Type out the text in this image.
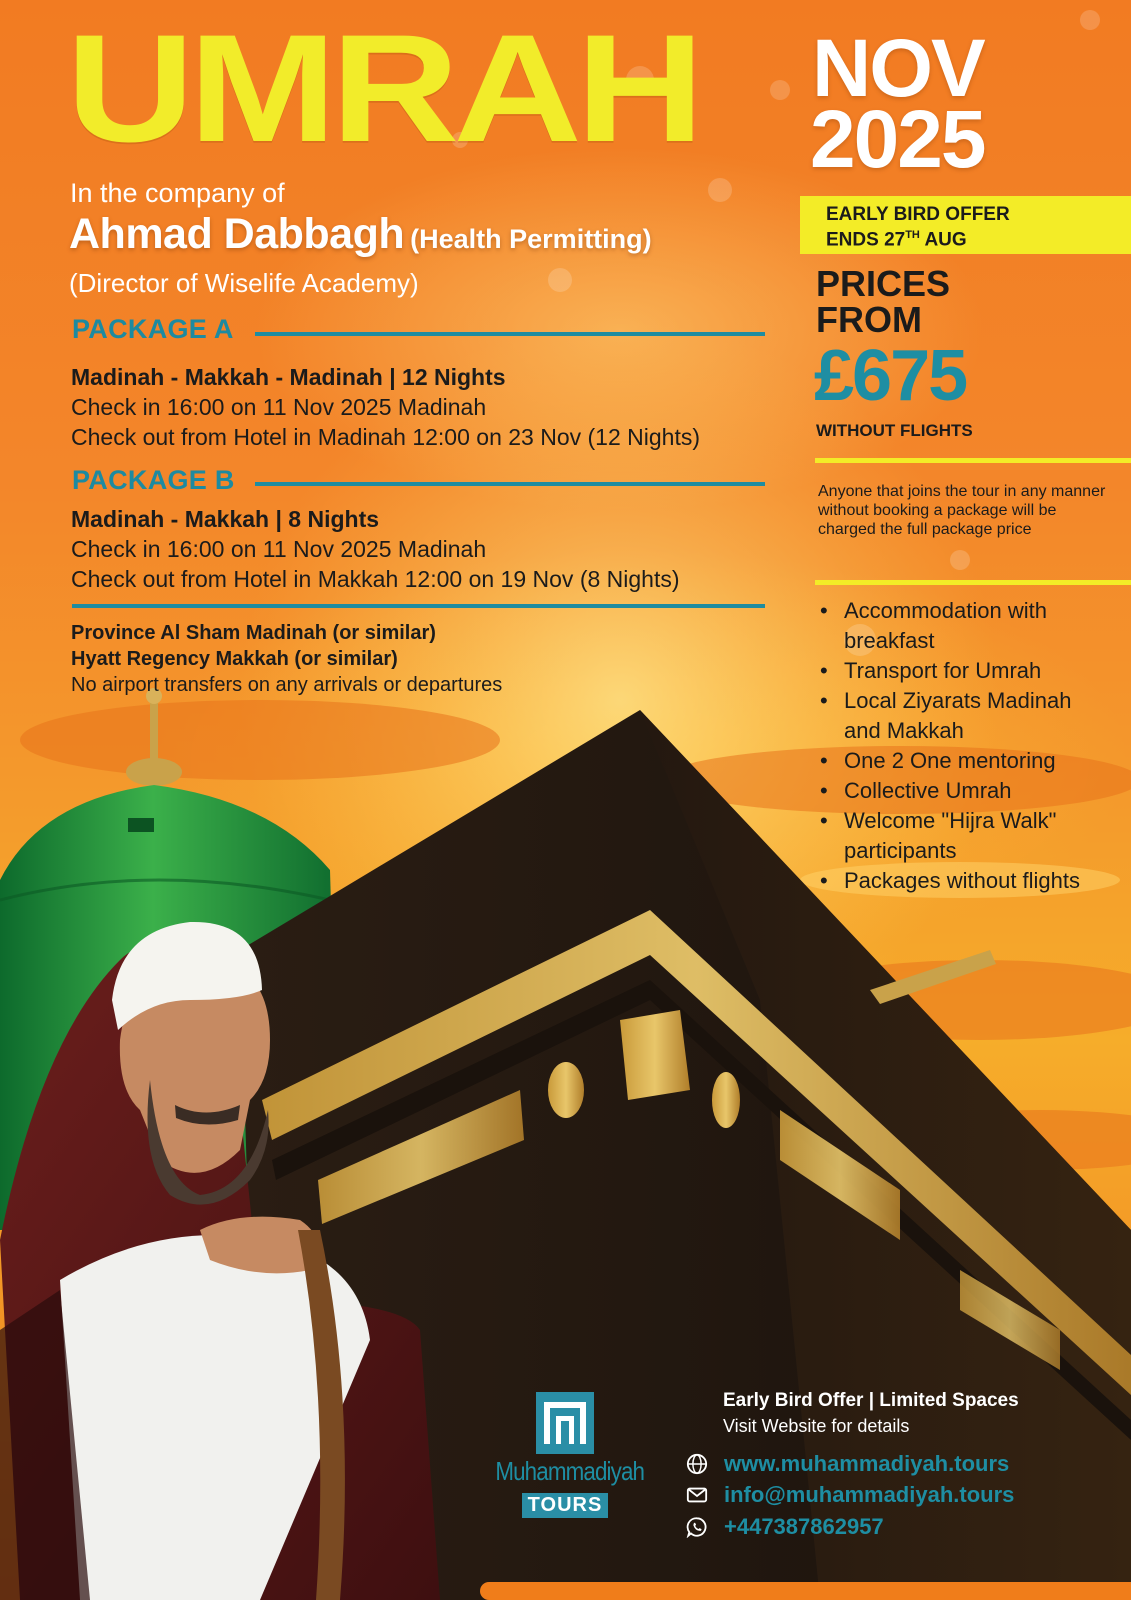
UMRAH NOV
2025
In the company of
Ahmad Dabbagh (Health Permitting)
(Director of Wiselife Academy)
PACKAGE A
Madinah - Makkah - Madinah | 12 Nights
Check in 16:00 on 11 Nov 2025 Madinah
Check out from Hotel in Madinah 12:00 on 23 Nov (12 Nights)
PACKAGE B
Madinah - Makkah | 8 Nights
Check in 16:00 on 11 Nov 2025 Madinah
Check out from Hotel in Makkah 12:00 on 19 Nov (8 Nights)
Province Al Sham Madinah (or similar)
Hyatt Regency Makkah (or similar)
No airport transfers on any arrivals or departures
EARLY BIRD OFFER
ENDS 27TH AUG
PRICES
FROM
£675
WITHOUT FLIGHTS
Anyone that joins the tour in any manner without booking a package will be charged the full package price
• Accommodation with breakfast
• Transport for Umrah
• Local Ziyarats Madinah and Makkah
• One 2 One mentoring
• Collective Umrah
• Welcome "Hijra Walk" participants
• Packages without flights
Muhammadiyah
TOURS
Early Bird Offer | Limited Spaces
Visit Website for details
www.muhammadiyah.tours
info@muhammadiyah.tours
+447387862957
